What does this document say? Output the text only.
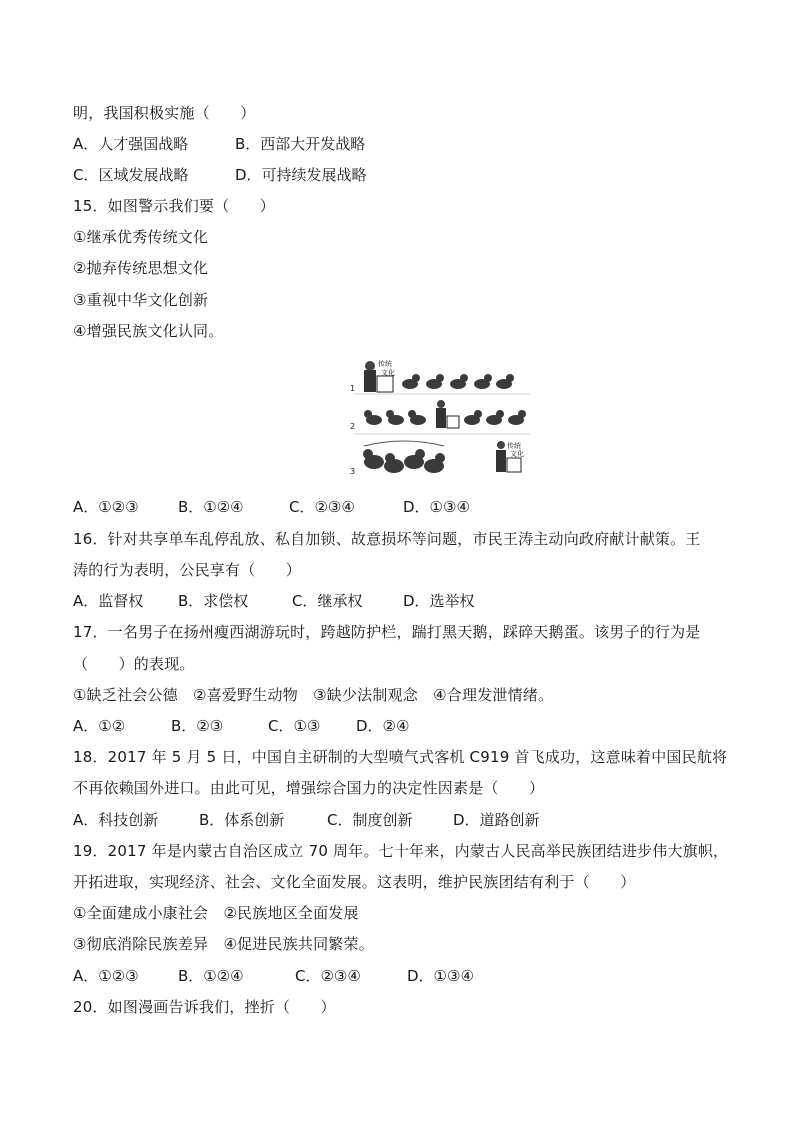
明，我国积极实施（　　）

A．人才强国战略

	B．西部大开发战略

C．区域发展战略

	D．可持续发展战略

15．如图警示我们要（　　）
①继承优秀传统文化
②抛弃传统思想文化
③重视中华文化创新
④增强民族文化认同。
1
传统
文化
2
3
传统
文化

A．①②③

	B．①②④

	C．②③④

	D．①③④

16．针对共享单车乱停乱放、私自加锁、故意损坏等问题，市民王涛主动向政府献计献策。王
涛的行为表明，公民享有（　　）

A．监督权

B．求偿权

	C．继承权

	D．选举权

17．一名男子在扬州瘦西湖游玩时，跨越防护栏，踹打黑天鹅，踩碎天鹅蛋。该男子的行为是
（　　）的表现。
①缺乏社会公德　②喜爱野生动物　③缺少法制观念　④合理发泄情绪。

A．①②

	B．②③

	C．①③

D．②④

18．2017 年 5 月 5 日，中国自主研制的大型喷气式客机 C919 首飞成功，这意味着中国民航将
不再依赖国外进口。由此可见，增强综合国力的决定性因素是（　　）

A．科技创新

	B．体系创新

	C．制度创新

	D．道路创新

19．2017 年是内蒙古自治区成立 70 周年。七十年来，内蒙古人民高举民族团结进步伟大旗帜，
开拓进取，实现经济、社会、文化全面发展。这表明，维护民族团结有利于（　　）
①全面建成小康社会　②民族地区全面发展
③彻底消除民族差异　④促进民族共同繁荣。

A．①②③

	B．①②④

	C．②③④

	D．①③④

20．如图漫画告诉我们，挫折（　　）
